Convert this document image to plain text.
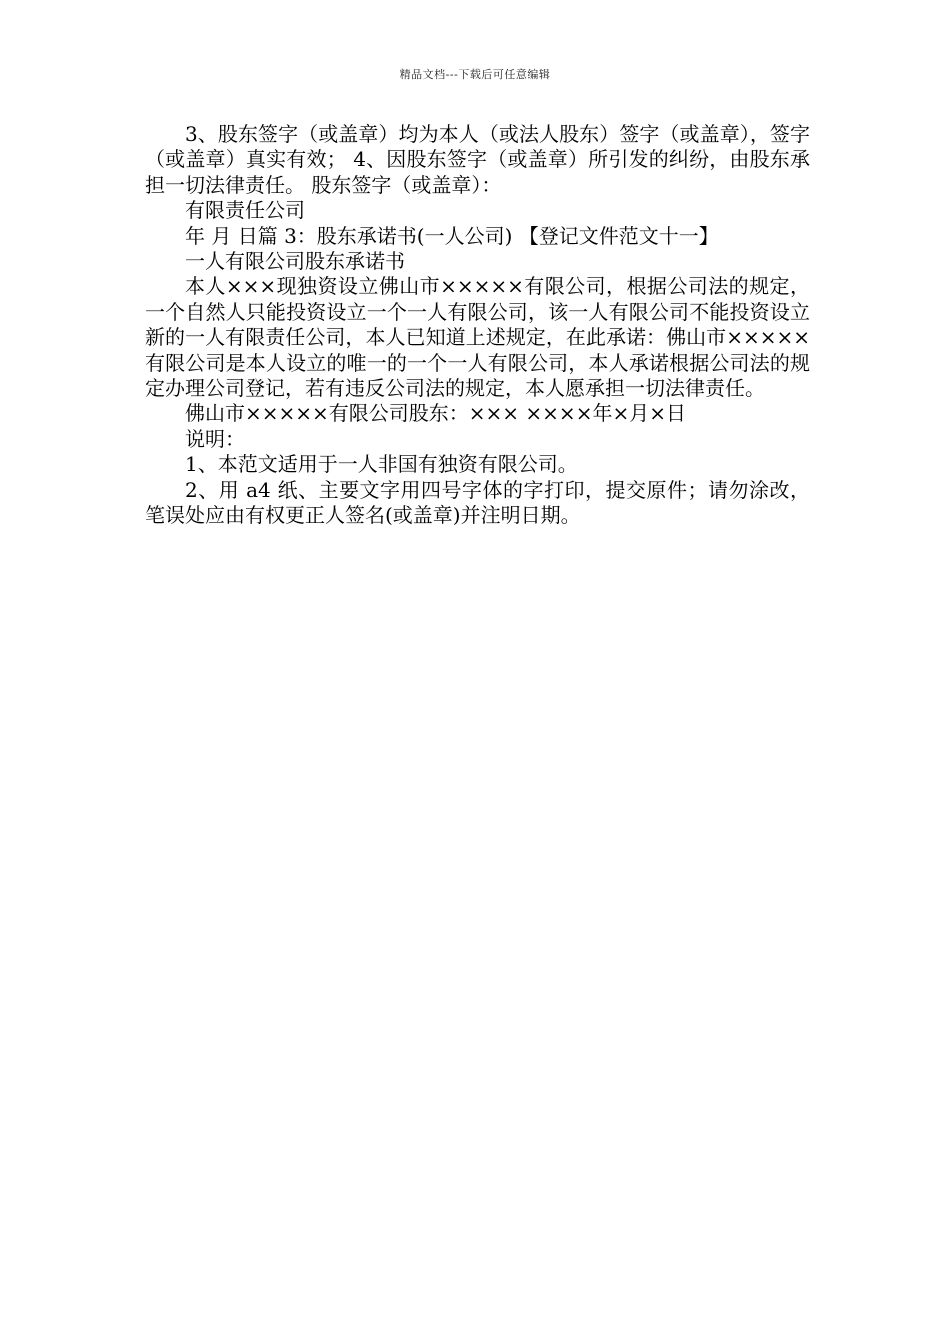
精品文档---下载后可任意编辑

3、股东签字（或盖章）均为本人（或法人股东）签字（或盖章），签字（或盖章）真实有效； 4、因股东签字（或盖章）所引发的纠纷，由股东承担一切法律责任。 股东签字（或盖章）：

有限责任公司

年 月 日篇 3：股东承诺书(一人公司) 【登记文件范文十一】

一人有限公司股东承诺书

本人×××现独资设立佛山市×××××有限公司，根据公司法的规定，一个自然人只能投资设立一个一人有限公司，该一人有限公司不能投资设立新的一人有限责任公司，本人已知道上述规定，在此承诺：佛山市×××××有限公司是本人设立的唯一的一个一人有限公司，本人承诺根据公司法的规定办理公司登记，若有违反公司法的规定，本人愿承担一切法律责任。

佛山市×××××有限公司股东：××× ××××年×月×日

说明：

1、本范文适用于一人非国有独资有限公司。

2、用 a4 纸、主要文字用四号字体的字打印，提交原件；请勿涂改，笔误处应由有权更正人签名(或盖章)并注明日期。
